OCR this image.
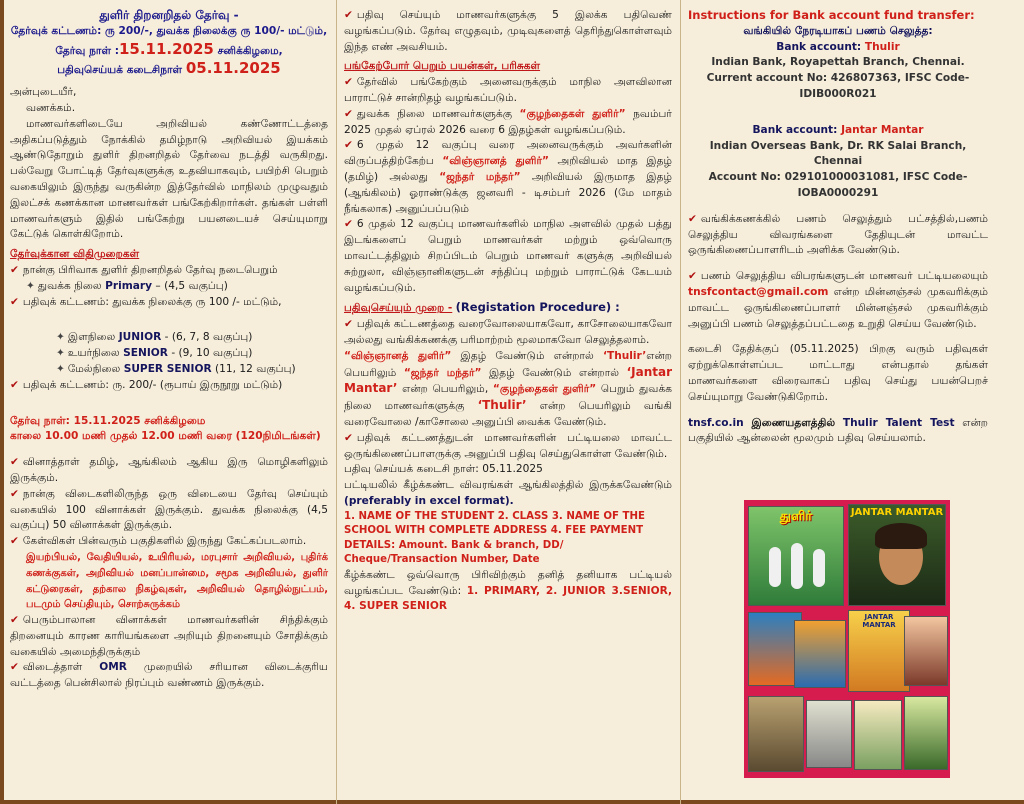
துளிர் திறனறிதல் தேர்வு -
தேர்வுக் கட்டணம்: ரு 200/-, துவக்க நிலைக்கு ரு 100/- மட்டும்,
தேர்வு நாள் :15.11.2025 சனிக்கிழமை,
பதிவுசெய்யக் கடைசிநாள் 05.11.2025
அன்புடையீர்,
வணக்கம்.
மாணவர்களிடையே அறிவியல் கண்ணோட்டத்தை அதிகப்படுத்தும் நோக்கில் தமிழ்நாடு அறிவியல் இயக்கம் ஆண்டுதோறும் துளிர் திறனறிதல் தேர்வை நடத்தி வருகிறது. பல்வேறு போட்டித் தேர்வுகளுக்கு உதவியாகவும், பயிற்சி பெறும் வகையிலும் இருந்து வருகின்ற இத்தேர்வில் மாநிலம் முழுவதும் இலட்சக் கணக்கான மாணவர்கள் பங்கேற்கிறார்கள். தங்கள் பள்ளி மாணவர்களும் இதில் பங்கேற்று பயனடையச் செய்யுமாறு கேட்டுக் கொள்கிறோம்.
தேர்வுக்கான விதிமுறைகள்
✔ நான்கு பிரிவாக துளிர் திறனறிதல் தேர்வு நடைபெறும்
✦ துவக்க நிலை Primary – (4,5 வகுப்பு)
✔ பதிவுக் கட்டணம்: துவக்க நிலைக்கு ரு 100 /- மட்டும்,
✦ இளநிலை JUNIOR - (6, 7, 8 வகுப்பு)
✦ உயர்நிலை SENIOR - (9, 10 வகுப்பு)
✦ மேல்நிலை SUPER SENIOR (11, 12 வகுப்பு)
✔ பதிவுக் கட்டணம்: ரு. 200/- (ரூபாய் இருநூறு மட்டும்)
தேர்வு நாள்: 15.11.2025 சனிக்கிழமை
காலை 10.00 மணி முதல் 12.00 மணி வரை (120நிமிடங்கள்)
✔ வினாத்தாள் தமிழ், ஆங்கிலம் ஆகிய இரு மொழிகளிலும் இருக்கும்.
✔ நான்கு விடைகளிலிருந்த ஒரு விடையை தேர்வு செய்யும் வகையில் 100 வினாக்கள் இருக்கும். துவக்க நிலைக்கு (4,5 வகுப்பு) 50 வினாக்கள் இருக்கும்.
✔ கேள்விகள் பின்வரும் பகுதிகளில் இருந்து கேட்கப்படலாம்.
இயற்பியல், வேதியியல், உயிரியல், மரபுசார் அறிவியல், புதிர்க் கணக்குகள், அறிவியல் மனப்பான்மை, சமூக அறிவியல், துளிர் கட்டுரைகள், தற்கால நிகழ்வுகள், அறிவியல் தொழில்நுட்பம், படமும் செய்தியும், சொற்சுருக்கம்
✔ பெரும்பாலான வினாக்கள் மாணவர்களின் சிந்திக்கும் திறனையும் காரண காரியங்களை அறியும் திறனையும் சோதிக்கும் வகையில் அமைந்திருக்கும்
✔ விடைத்தாள் OMR முறையில் சரியான விடைக்குரிய வட்டத்தை பென்சிலால் நிரப்பும் வண்ணம் இருக்கும்.
✔ பதிவு செய்யும் மாணவர்களுக்கு 5 இலக்க பதிவெண் வழங்கப்படும். தேர்வு எழுதவும், முடிவுகளைத் தெரிந்துகொள்ளவும் இந்த எண் அவசியம்.
பங்கேற்போர் பெறும் பயன்கள், பரிசுகள்
✔ தேர்வில் பங்கேற்கும் அனைவருக்கும் மாநில அளவிலான பாராட்டுச் சான்றிதழ் வழங்கப்படும்.
✔ துவக்க நிலை மாணவர்களுக்கு “குழந்தைகள் துளிர்” நவம்பர் 2025 முதல் ஏப்ரல் 2026 வரை 6 இதழ்கள் வழங்கப்படும்.
✔ 6 முதல் 12 வகுப்பு வரை அனைவருக்கும் அவர்களின் விருப்பத்திற்கேற்ப “விஞ்ஞானத் துளிர்” அறிவியல் மாத இதழ் (தமிழ்) அல்லது “ஜந்தர் மந்தர்” அறிவியல் இருமாத இதழ் (ஆங்கிலம்) ஓராண்டுக்கு ஜனவரி - டிசம்பர் 2026 (மே மாதம் நீங்கலாக) அனுப்பப்படும்
✔ 6 முதல் 12 வகுப்பு மாணவர்களில் மாநில அளவில் முதல் பத்து இடங்களைப் பெறும் மாணவர்கள் மற்றும் ஒவ்வொரு மாவட்டத்திலும் சிறப்பிடம் பெறும் மாணவர் களுக்கு அறிவியல் சுற்றுலா, விஞ்ஞானிகளுடன் சந்திப்பு மற்றும் பாராட்டுக் கேடயம் வழங்கப்படும்.
பதிவுசெய்யும் முறை - (Registation Procedure) :
✔ பதிவுக் கட்டணத்தை வரைவோலையாகவோ, காசோலையாகவோ அல்லது வங்கிக்கணக்கு பரிமாற்றம் மூலமாகவோ செலுத்தலாம்.
“விஞ்ஞானத் துளிர்” இதழ் வேண்டும் என்றால் ‘Thulir’என்ற பெயரிலும் “ஜந்தர் மந்தர்” இதழ் வேண்டும் என்றால் ‘Jantar Mantar’ என்ற பெயரிலும், “குழந்தைகள் துளிர்” பெறும் துவக்க நிலை மாணவர்களுக்கு ‘Thulir’ என்ற பெயரிலும் வங்கி வரைவோலை /காசோலை அனுப்பி வைக்க வேண்டும்.
✔ பதிவுக் கட்டணத்துடன் மாணவர்களின் பட்டியலை மாவட்ட ஒருங்கிணைப்பாளருக்கு அனுப்பி பதிவு செய்துகொள்ள வேண்டும்.
பதிவு செய்யக் கடைசி நாள்: 05.11.2025
பட்டியலில் கீழ்க்கண்ட விவரங்கள் ஆங்கிலத்தில் இருக்கவேண்டும் (preferably in excel format).
1. NAME OF THE STUDENT 2. CLASS 3. NAME OF THE SCHOOL WITH COMPLETE ADDRESS 4. FEE PAYMENT DETAILS: Amount. Bank & branch, DD/ Cheque/Transaction Number, Date
கீழ்க்கண்ட ஒவ்வொரு பிரிவிற்கும் தனித் தனியாக பட்டியல் வழங்கப்பட வேண்டும்: 1. PRIMARY, 2. JUNIOR 3.SENIOR, 4. SUPER SENIOR
Instructions for Bank account fund transfer:
வங்கியில் நேரடியாகப் பணம் செலுத்த:
Bank account: Thulir
Indian Bank, Royapettah Branch, Chennai.
Current account No: 426807363, IFSC Code-IDIB000R021
Bank account: Jantar Mantar
Indian Overseas Bank, Dr. RK Salai Branch, Chennai
Account No: 029101000031081, IFSC Code-IOBA0000291
✔ வங்கிக்கணக்கில் பணம் செலுத்தும் பட்சத்தில்,பணம் செலுத்திய விவரங்களை தேதியுடன் மாவட்ட ஒருங்கிணைப்பாளரிடம் அளிக்க வேண்டும்.
✔ பணம் செலுத்திய விபரங்களுடன் மாணவர் பட்டியலையும் tnsfcontact@gmail.com என்ற மின்னஞ்சல் முகவரிக்கும் மாவட்ட ஒருங்கிணைப்பாளர் மின்னஞ்சல் முகவரிக்கும் அனுப்பி பணம் செலுத்தப்பட்டதை உறுதி செய்ய வேண்டும்.
கடைசி தேதிக்குப் (05.11.2025) பிறகு வரும் பதிவுகள் ஏற்றுக்கொள்ளப்பட மாட்டாது என்பதால் தங்கள் மாணவர்களை விரைவாகப் பதிவு செய்து பயன்பெறச் செய்யுமாறு வேண்டுகிறோம்.
tnsf.co.in இணையதளத்தில் Thulir Talent Test என்ற பகுதியில் ஆன்லைன் மூலமும் பதிவு செய்யலாம்.
துளிர்	JANTAR MANTAR
JANTAR MANTAR
